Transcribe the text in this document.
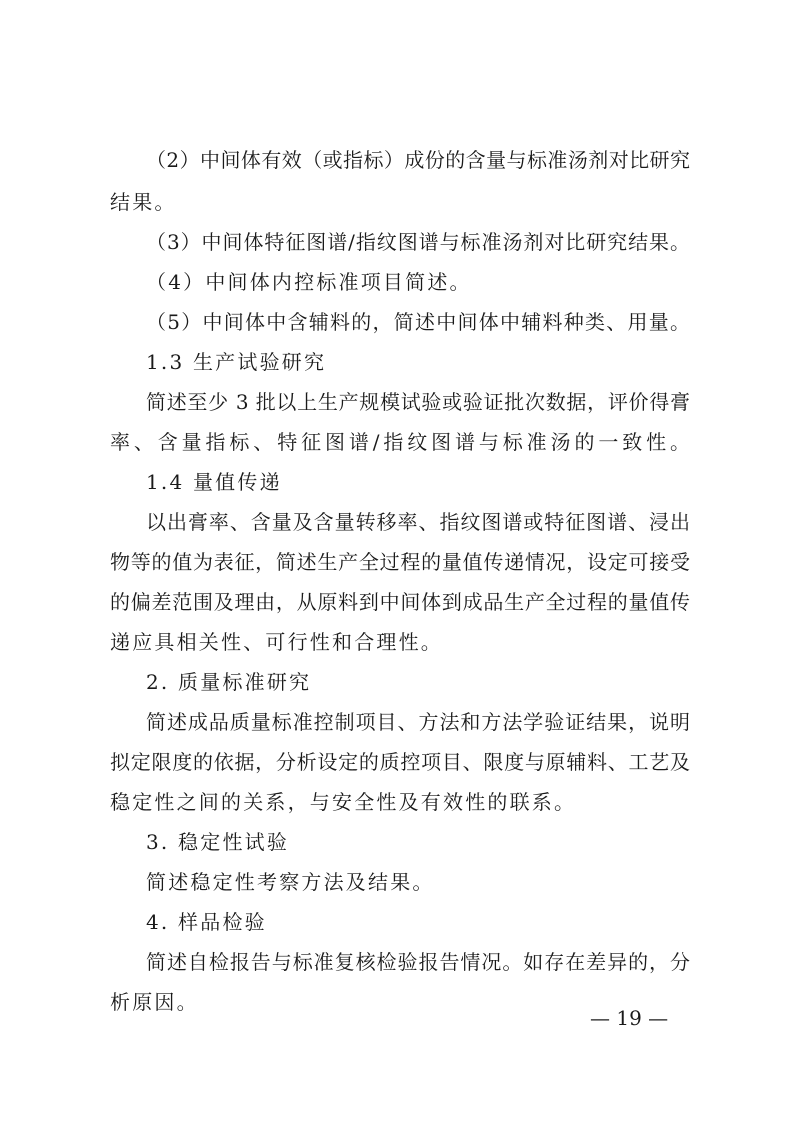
（2）中间体有效（或指标）成份的含量与标准汤剂对比研究
结果。
（3）中间体特征图谱/指纹图谱与标准汤剂对比研究结果。
（4）中间体内控标准项目简述。
（5）中间体中含辅料的，简述中间体中辅料种类、用量。
1.3 生产试验研究
简述至少 3 批以上生产规模试验或验证批次数据，评价得膏
率、含量指标、特征图谱/指纹图谱与标准汤的一致性。
1.4 量值传递
以出膏率、含量及含量转移率、指纹图谱或特征图谱、浸出
物等的值为表征，简述生产全过程的量值传递情况，设定可接受
的偏差范围及理由，从原料到中间体到成品生产全过程的量值传
递应具相关性、可行性和合理性。
2. 质量标准研究
简述成品质量标准控制项目、方法和方法学验证结果，说明
拟定限度的依据，分析设定的质控项目、限度与原辅料、工艺及
稳定性之间的关系，与安全性及有效性的联系。
3. 稳定性试验
简述稳定性考察方法及结果。
4. 样品检验
简述自检报告与标准复核检验报告情况。如存在差异的，分
析原因。
— 19 —
